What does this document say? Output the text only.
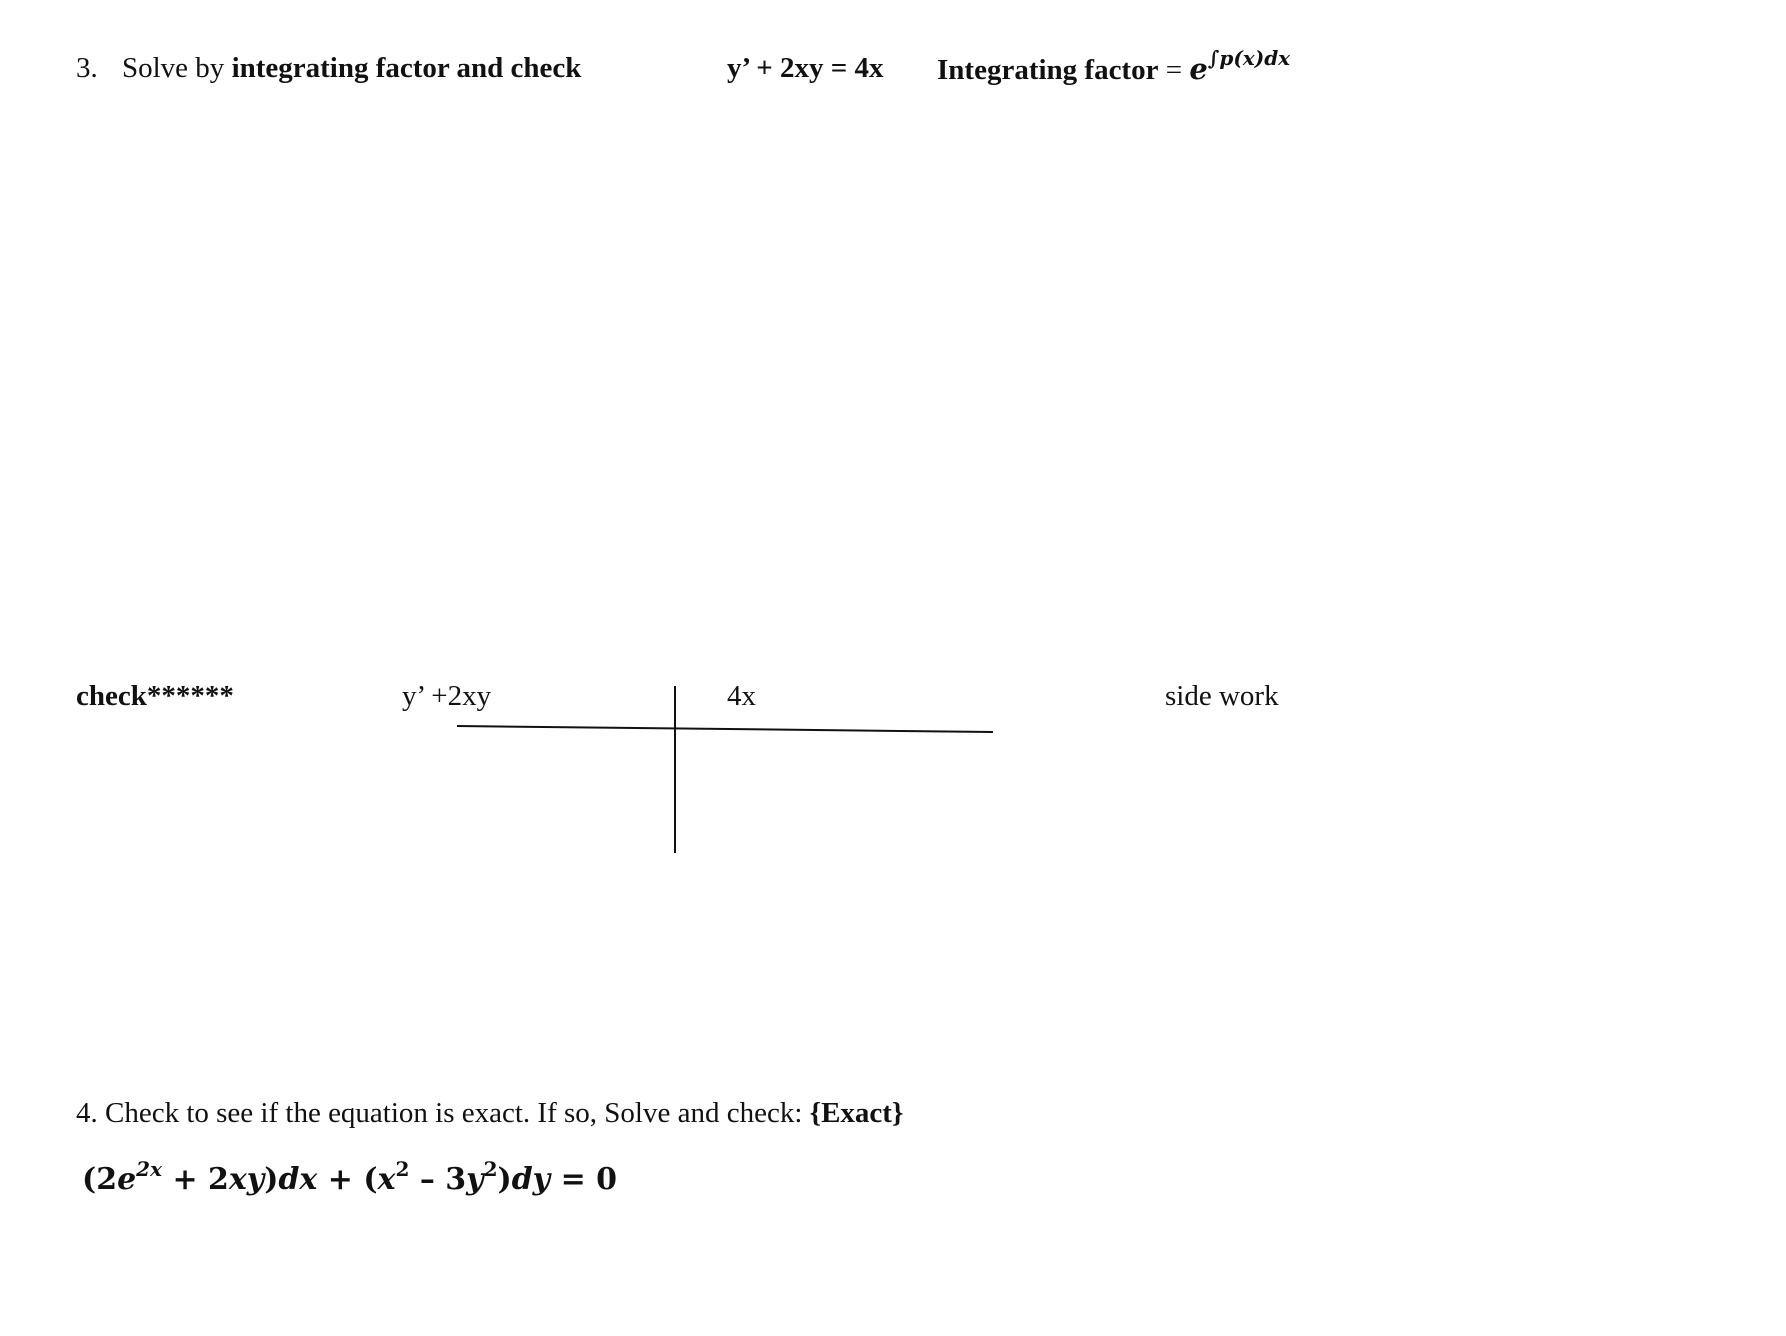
3. Solve by integrating factor and check	y’ + 2xy = 4x Integrating factor = $e^{\int p(x)dx}$
check******	y’ +2xy	4x	side work
4. Check to see if the equation is exact. If so, Solve and check: {Exact}
$(2e^{2x} + 2xy)dx + (x^2 - 3y^2)dy = 0$
